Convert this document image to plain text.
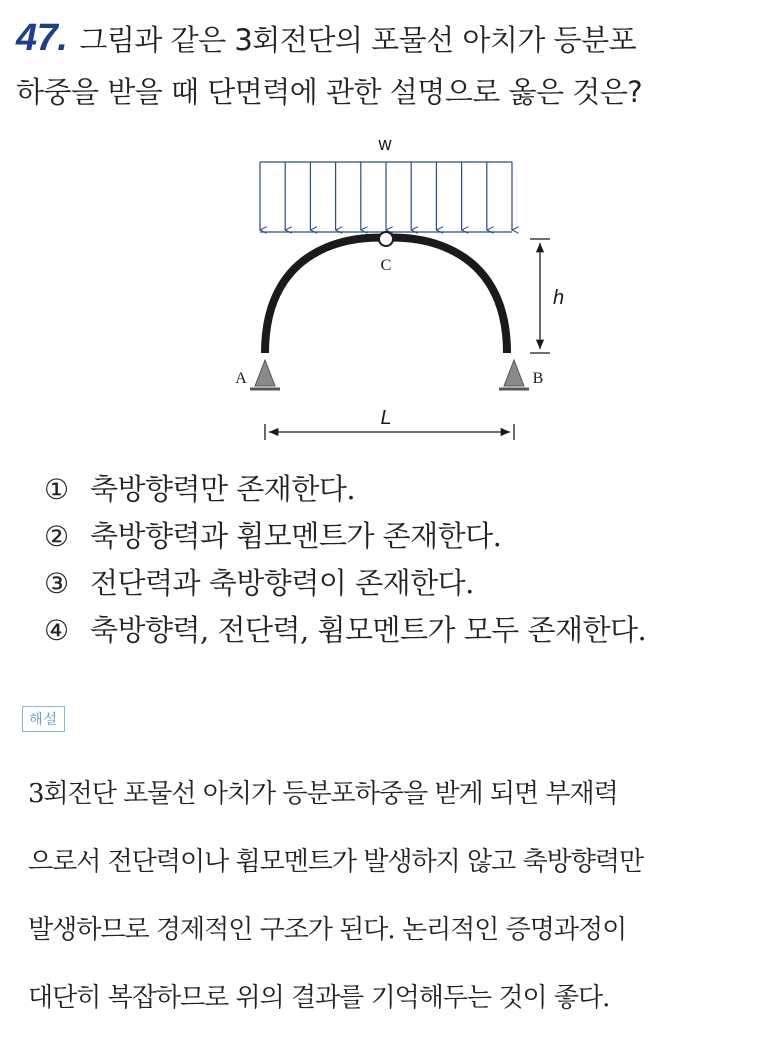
47. 그림과 같은 3회전단의 포물선 아치가 등분포
하중을 받을 때 단면력에 관한 설명으로 옳은 것은?
w
C
A	B
h
L
① 축방향력만 존재한다.
② 축방향력과 휨모멘트가 존재한다.
③ 전단력과 축방향력이 존재한다.
④ 축방향력, 전단력, 휨모멘트가 모두 존재한다.
해설
3회전단 포물선 아치가 등분포하중을 받게 되면 부재력
으로서 전단력이나 휨모멘트가 발생하지 않고 축방향력만
발생하므로 경제적인 구조가 된다. 논리적인 증명과정이
대단히 복잡하므로 위의 결과를 기억해두는 것이 좋다.
